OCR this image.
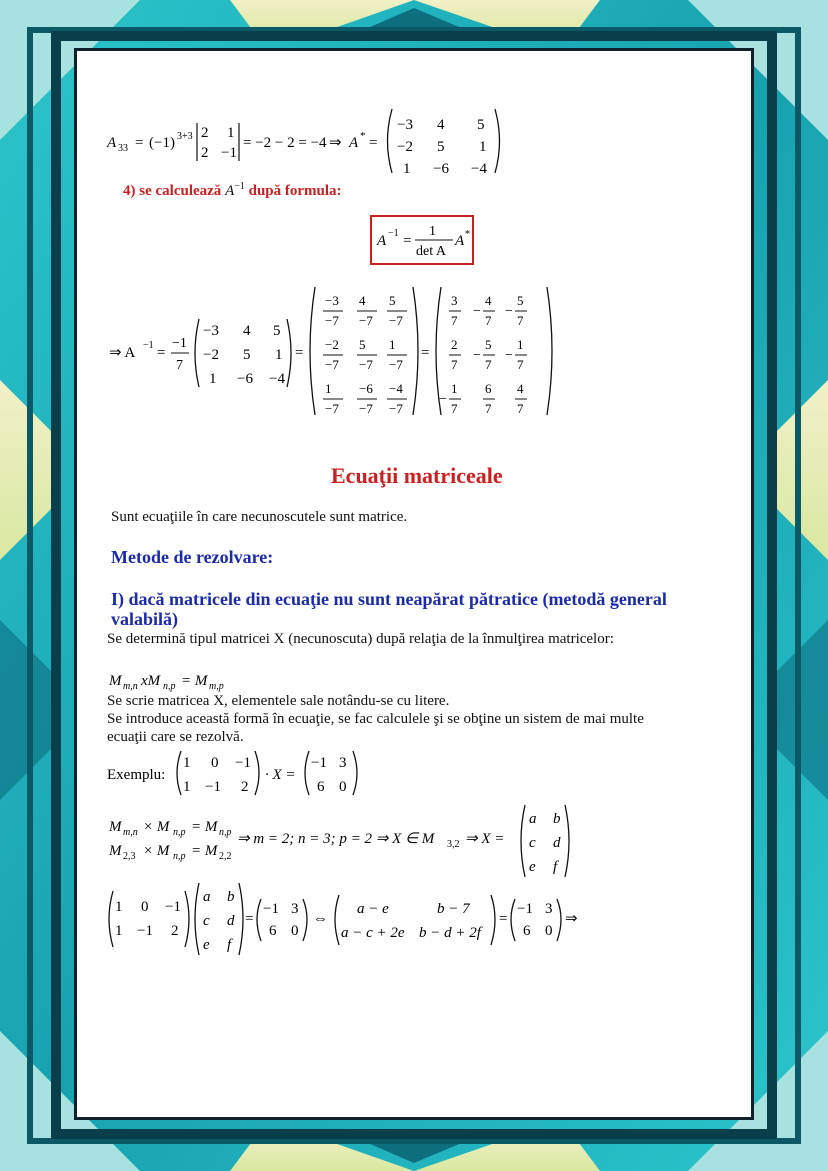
A 33 = (−1) 3+3 2 1
2 −1
= −2 − 2 = −4 ⇒ A * =
−3 4 5
−2 5 1
1 −6 −4
4) se calculează $A^{-1}$ după formula:
A −1 =
1
det A
A *
⇒ A −1 =
−1
7
−3 4 5
−2 5 1
1 −6 −4
=
−3
−7
4
−7
5
−7
−2
−7
5
−7
1
−7
1
−7
−6
−7
−4
−7
=
3
7
−
4
7
−
5
7
2
7
−
5
7
−
1
7
−
1
7
6
7
4
7
Ecuaţii matriceale
Sunt ecuaţiile în care necunoscutele sunt matrice.
Metode de rezolvare:
I) dacă matricele din ecuaţie nu sunt neapărat pătratice (metodă general
valabilă)
Se determină tipul matricei X (necunoscuta) după relaţia de la înmulţirea matricelor:
M m,n xM n,p = M m,p
Se scrie matricea X, elementele sale notându-se cu litere.
Se introduce această formă în ecuaţie, se fac calculele şi se obţine un sistem de mai multe
ecuaţii care se rezolvă.
Exemplu:
1 0 −1
1 −1 2
· X =
−1 3
6 0
M m,n × M n,p = M n,p
M 2,3 × M n,p = M 2,2
⇒ m = 2; n = 3; p = 2 ⇒ X ∈ M 3,2 ⇒ X =
a b
c d
e f
1 0 −1
1 −1 2
a b
c d
e f
=
−1 3
6 0
⇔
a − e	b − 7
a − c + 2e b − d + 2f
=
−1 3
6 0
⇒
